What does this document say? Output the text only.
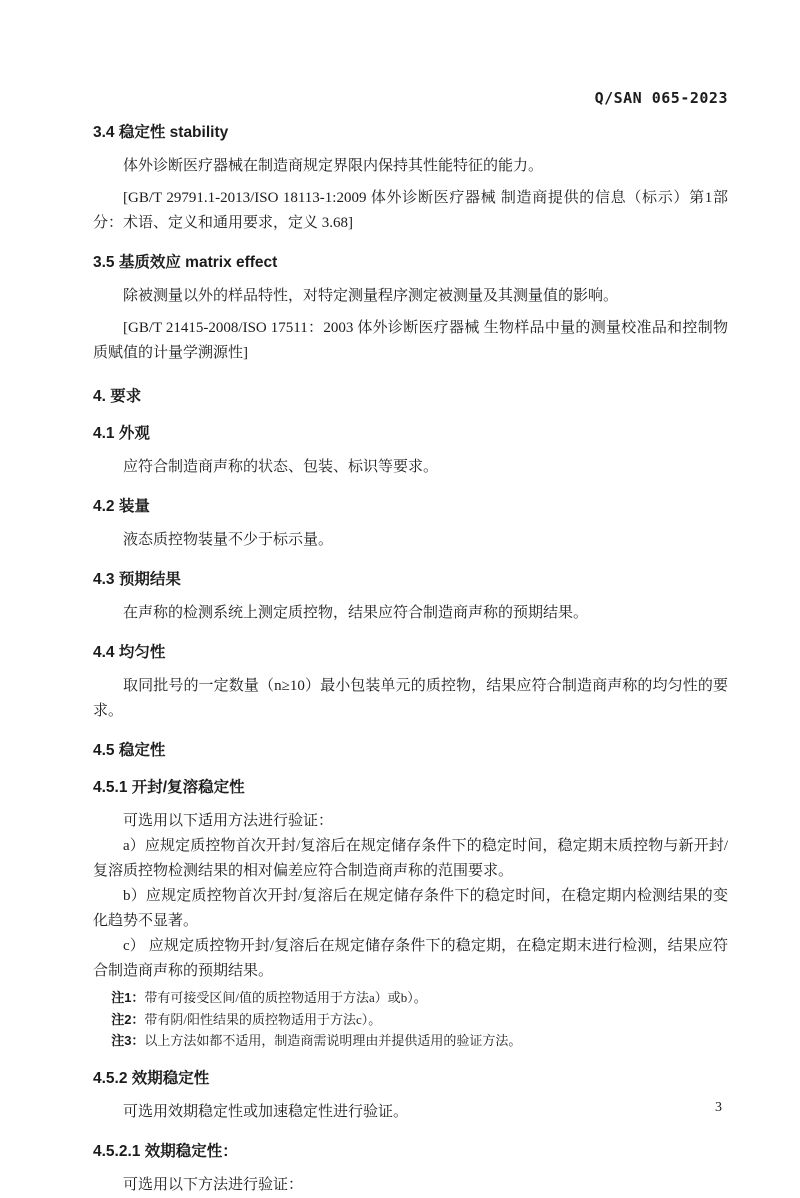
Q/SAN 065-2023
3.4 稳定性 stability

体外诊断医疗器械在制造商规定界限内保持其性能特征的能力。

[GB/T 29791.1-2013/ISO 18113-1:2009 体外诊断医疗器械 制造商提供的信息（标示）第1部分：术语、定义和通用要求，定义 3.68]

3.5 基质效应 matrix effect

除被测量以外的样品特性，对特定测量程序测定被测量及其测量值的影响。

[GB/T 21415-2008/ISO 17511：2003 体外诊断医疗器械 生物样品中量的测量校准品和控制物质赋值的计量学溯源性]

4. 要求
4.1 外观

应符合制造商声称的状态、包装、标识等要求。

4.2 装量

液态质控物装量不少于标示量。

4.3 预期结果

在声称的检测系统上测定质控物，结果应符合制造商声称的预期结果。

4.4 均匀性

取同批号的一定数量（n≥10）最小包装单元的质控物，结果应符合制造商声称的均匀性的要求。

4.5 稳定性
4.5.1 开封/复溶稳定性

可选用以下适用方法进行验证：

a）应规定质控物首次开封/复溶后在规定储存条件下的稳定时间，稳定期末质控物与新开封/复溶质控物检测结果的相对偏差应符合制造商声称的范围要求。

b）应规定质控物首次开封/复溶后在规定储存条件下的稳定时间，在稳定期内检测结果的变化趋势不显著。

c） 应规定质控物开封/复溶后在规定储存条件下的稳定期，在稳定期末进行检测，结果应符合制造商声称的预期结果。

注1：带有可接受区间/值的质控物适用于方法a）或b）。

注2：带有阴/阳性结果的质控物适用于方法c）。

注3：以上方法如都不适用，制造商需说明理由并提供适用的验证方法。

4.5.2 效期稳定性

可选用效期稳定性或加速稳定性进行验证。

4.5.2.1 效期稳定性：

可选用以下方法进行验证：

3
